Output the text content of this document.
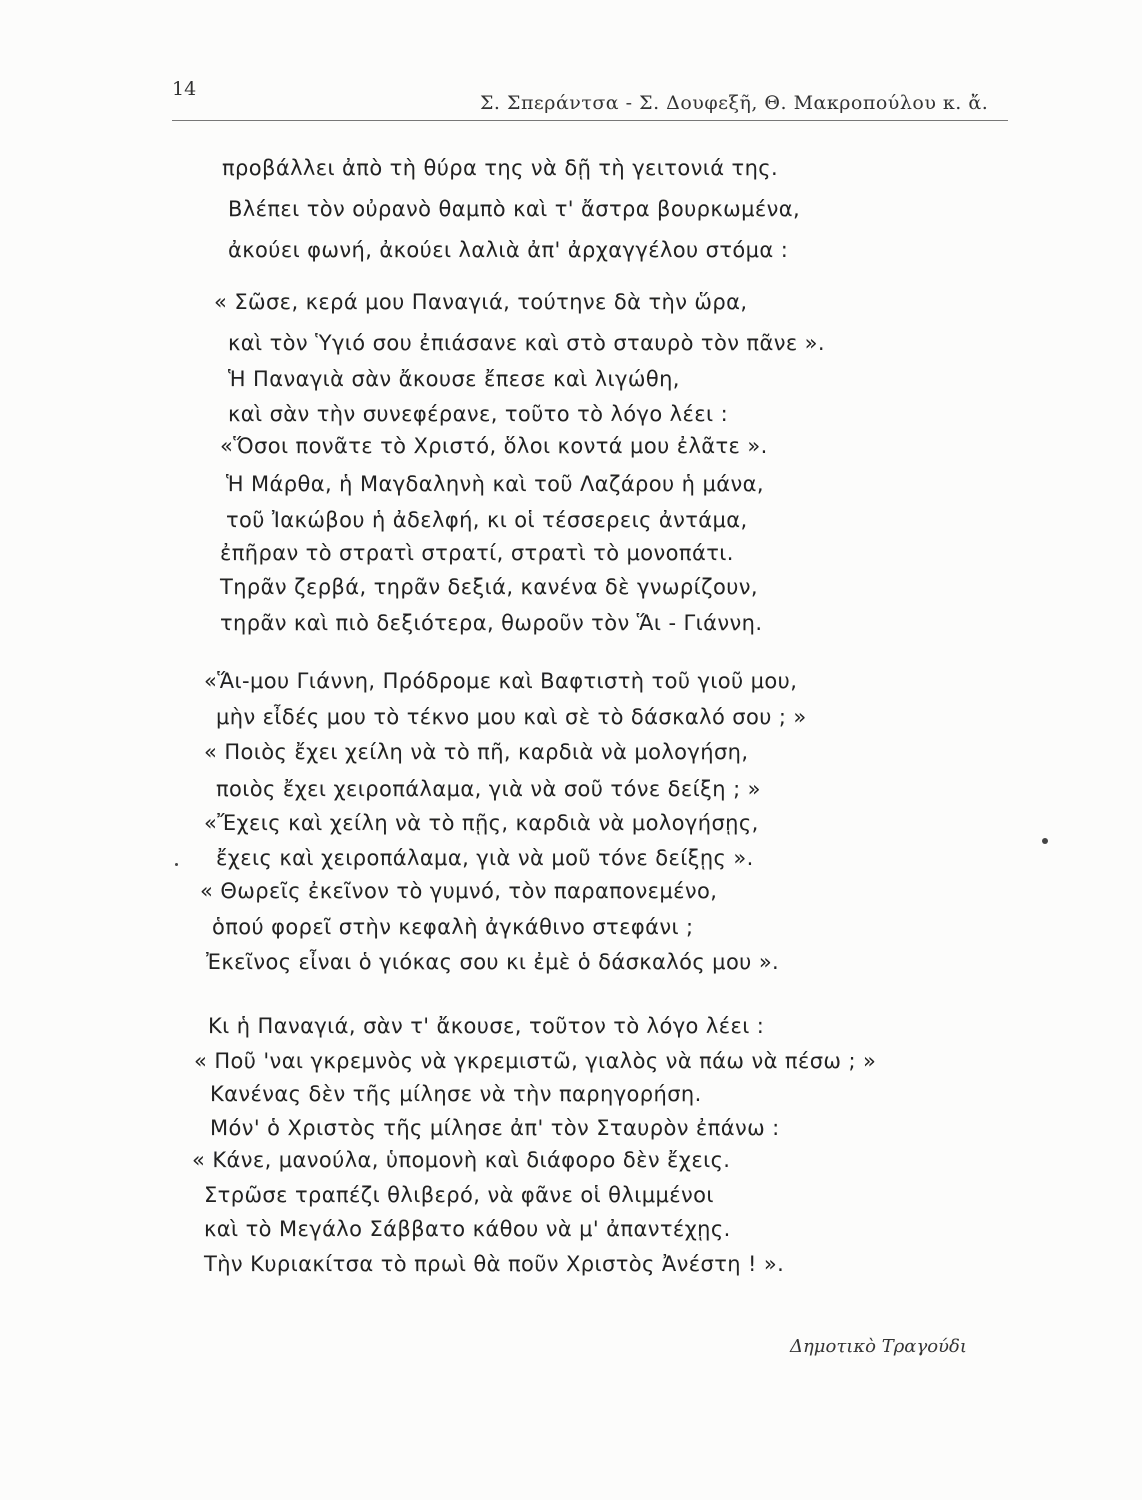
14
Σ. Σπεράντσα - Σ. Δουφεξῆ, Θ. Μακροπούλου κ. ἄ.
προβάλλει ἀπὸ τὴ θύρα της νὰ δῇ τὴ γειτονιά της.
Βλέπει τὸν οὐρανὸ θαμπὸ καὶ τ' ἄστρα βουρκωμένα,
ἀκούει φωνή, ἀκούει λαλιὰ ἀπ' ἀρχαγγέλου στόμα :
« Σῶσε, κερά μου Παναγιά, τούτηνε δὰ τὴν ὥρα,
καὶ τὸν Ὑγιό σου ἐπιάσανε καὶ στὸ σταυρὸ τὸν πᾶνε ».
Ἡ Παναγιὰ σὰν ἄκουσε ἔπεσε καὶ λιγώθη,
καὶ σὰν τὴν συνεφέρανε, τοῦτο τὸ λόγο λέει :
«Ὅσοι πονᾶτε τὸ Χριστό, ὅλοι κοντά μου ἐλᾶτε ».
Ἡ Μάρθα, ἡ Μαγδαληνὴ καὶ τοῦ Λαζάρου ἡ μάνα,
τοῦ Ἰακώβου ἡ ἀδελφή, κι οἱ τέσσερεις ἀντάμα,
ἐπῆραν τὸ στρατὶ στρατί, στρατὶ τὸ μονοπάτι.
Τηρᾶν ζερβά, τηρᾶν δεξιά, κανένα δὲ γνωρίζουν,
τηρᾶν καὶ πιὸ δεξιότερα, θωροῦν τὸν Ἅι - Γιάννη.
«Ἅι-μου Γιάννη, Πρόδρομε καὶ Βαφτιστὴ τοῦ γιοῦ μου,
μὴν εἶδές μου τὸ τέκνο μου καὶ σὲ τὸ δάσκαλό σου ; »
« Ποιὸς ἔχει χείλη νὰ τὸ πῆ, καρδιὰ νὰ μολογήση,
ποιὸς ἔχει χειροπάλαμα, γιὰ νὰ σοῦ τόνε δείξη ; »
«Ἔχεις καὶ χείλη νὰ τὸ πῇς, καρδιὰ νὰ μολογήσῃς,
ἔχεις καὶ χειροπάλαμα, γιὰ νὰ μοῦ τόνε δείξῃς ».
« Θωρεῖς ἐκεῖνον τὸ γυμνό, τὸν παραπονεμένο,
ὁπού φορεῖ στὴν κεφαλὴ ἀγκάθινο στεφάνι ;
Ἐκεῖνος εἶναι ὁ γιόκας σου κι ἐμὲ ὁ δάσκαλός μου ».
Κι ἡ Παναγιά, σὰν τ' ἄκουσε, τοῦτον τὸ λόγο λέει :
« Ποῦ 'ναι γκρεμνὸς νὰ γκρεμιστῶ, γιαλὸς νὰ πάω νὰ πέσω ; »
Κανένας δὲν τῆς μίλησε νὰ τὴν παρηγορήση.
Μόν' ὁ Χριστὸς τῆς μίλησε ἀπ' τὸν Σταυρὸν ἐπάνω :
« Κάνε, μανούλα, ὑπομονὴ καὶ διάφορο δὲν ἔχεις.
Στρῶσε τραπέζι θλιβερό, νὰ φᾶνε οἱ θλιμμένοι
καὶ τὸ Μεγάλο Σάββατο κάθου νὰ μ' ἀπαντέχῃς.
Τὴν Κυριακίτσα τὸ πρωὶ θὰ ποῦν Χριστὸς Ἀνέστη ! ».
Δημοτικὸ Τραγούδι
